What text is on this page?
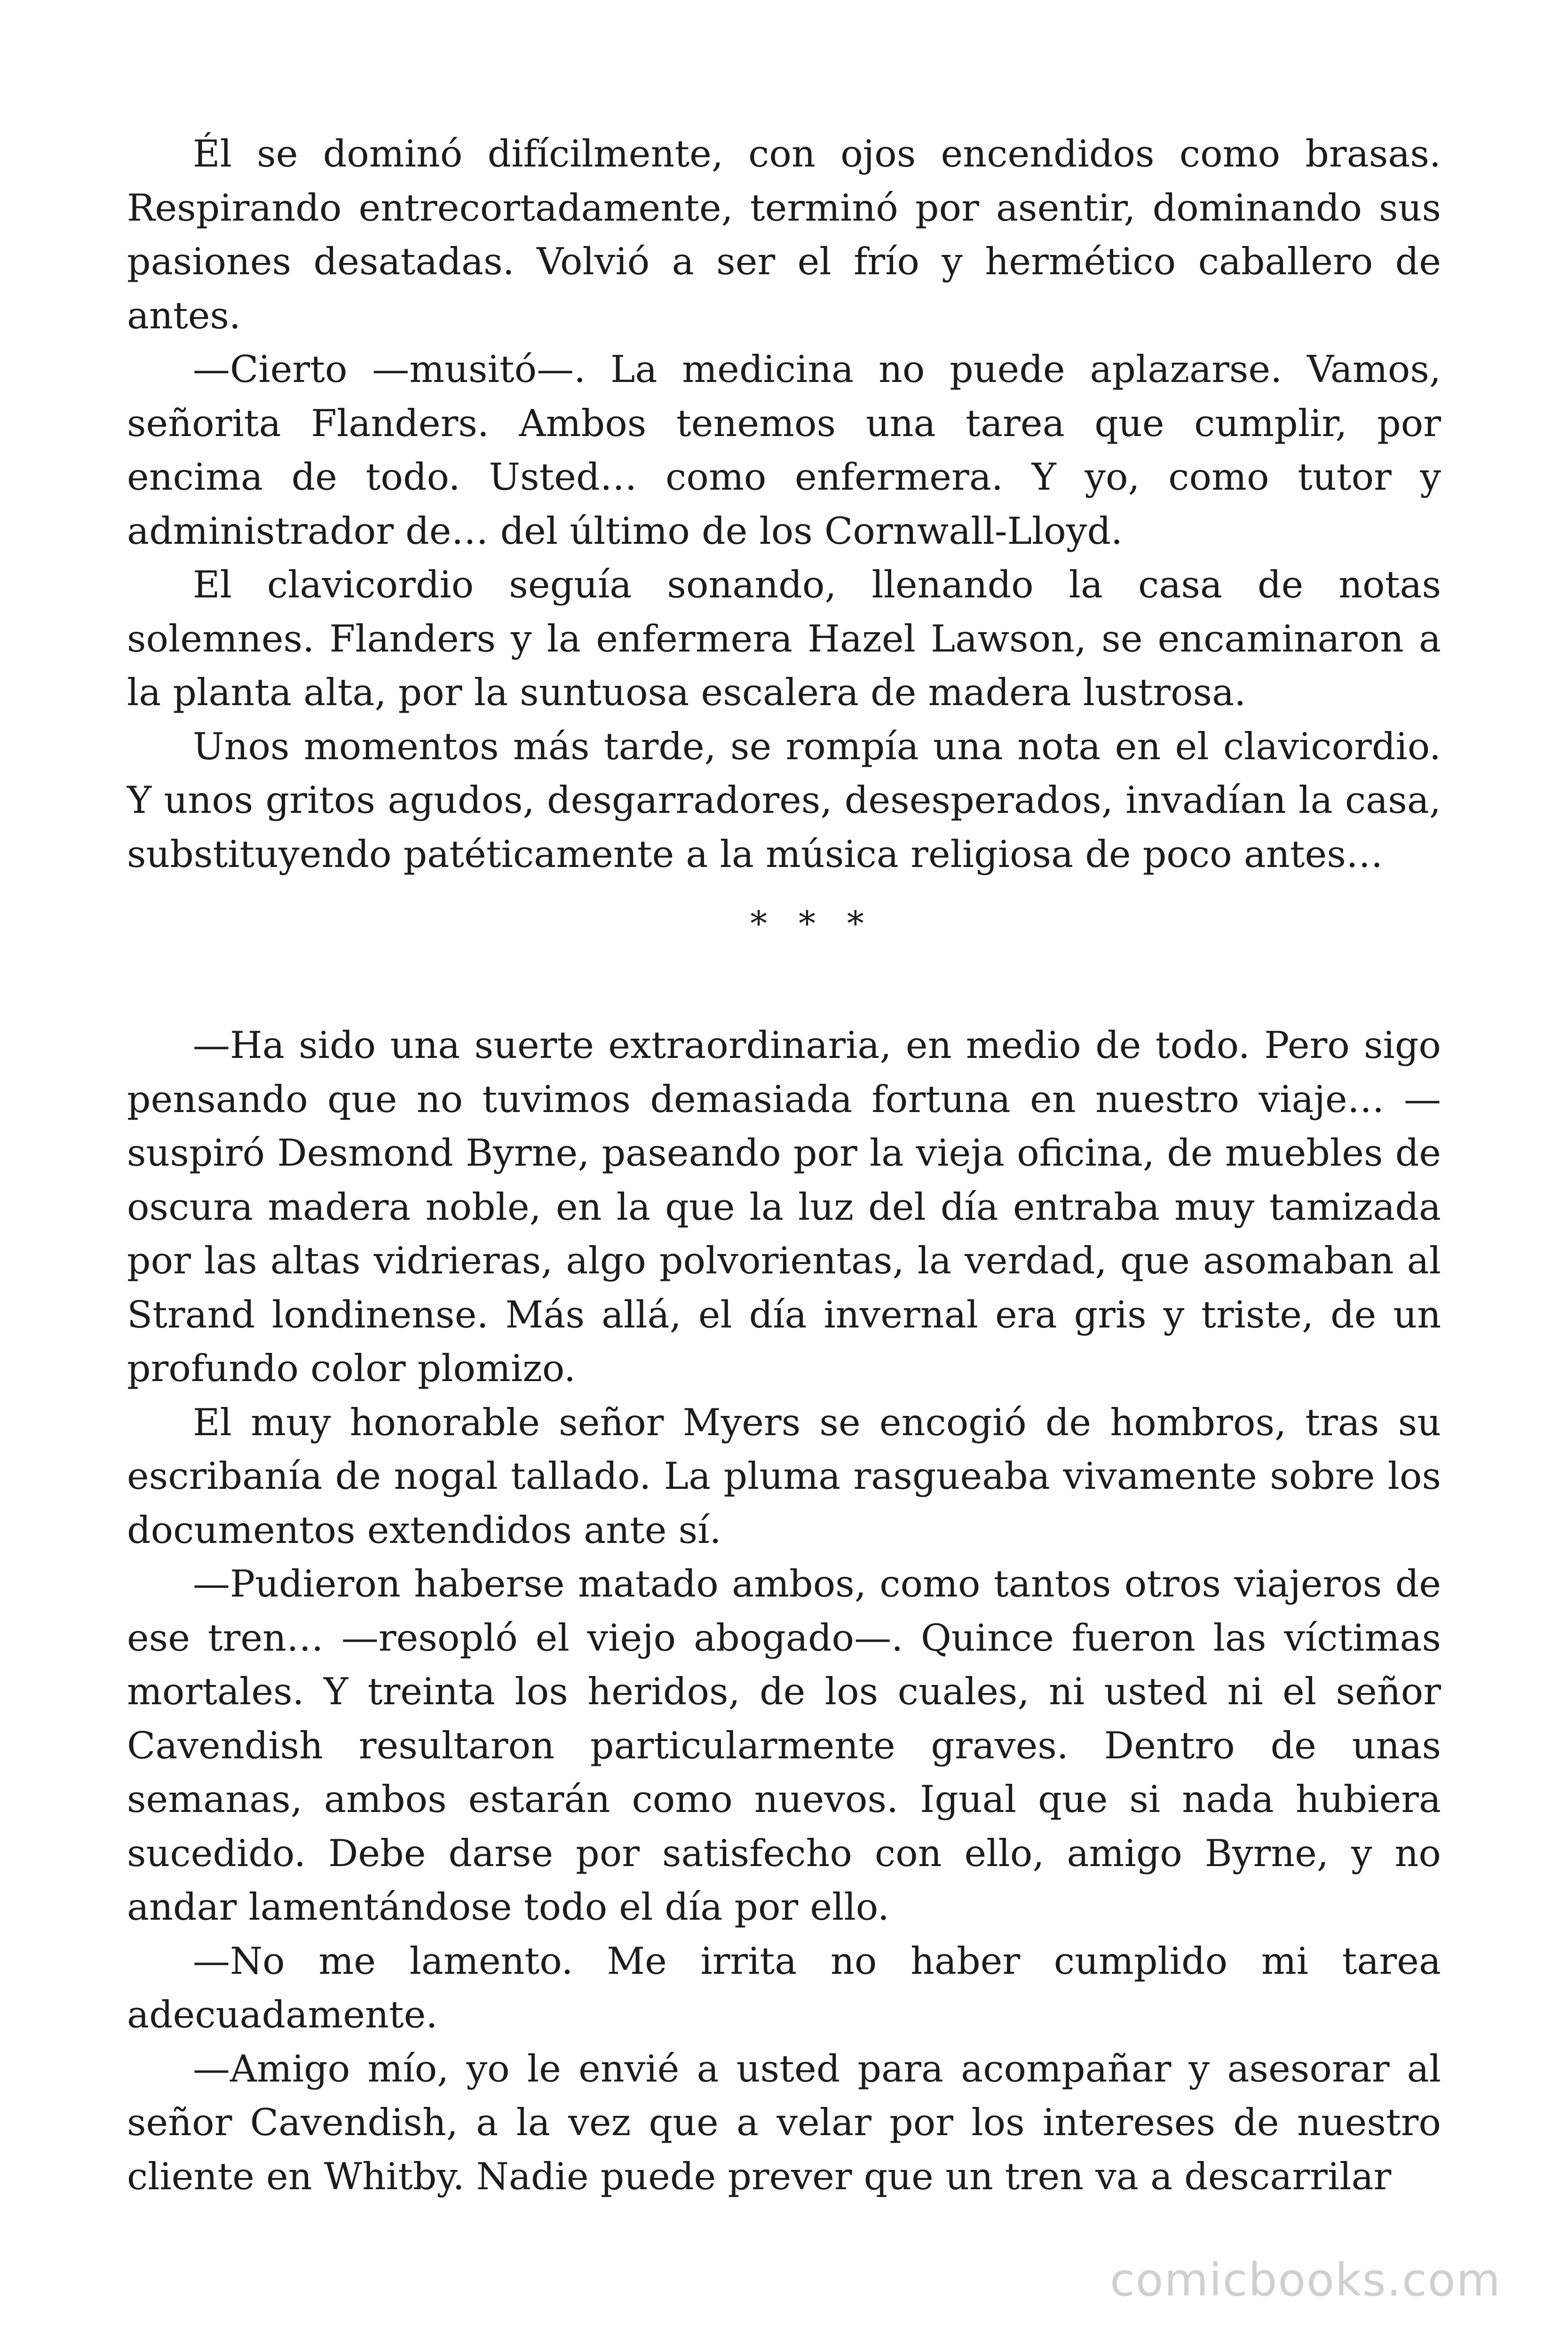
Él se dominó difícilmente, con ojos encendidos como brasas. Respirando entrecortadamente, terminó por asentir, dominando sus pasiones desatadas. Volvió a ser el frío y hermético caballero de antes.

—Cierto —musitó—. La medicina no puede aplazarse. Vamos, señorita Flanders. Ambos tenemos una tarea que cumplir, por encima de todo. Usted… como enfermera. Y yo, como tutor y administrador de… del último de los Cornwall-Lloyd.

El clavicordio seguía sonando, llenando la casa de notas solemnes. Flanders y la enfermera Hazel Lawson, se encaminaron a la planta alta, por la suntuosa escalera de madera lustrosa.

Unos momentos más tarde, se rompía una nota en el clavicordio. Y unos gritos agudos, desgarradores, desesperados, invadían la casa, substituyendo patéticamente a la música religiosa de poco antes…

* * *

—Ha sido una suerte extraordinaria, en medio de todo. Pero sigo pensando que no tuvimos demasiada fortuna en nuestro viaje… —suspiró Desmond Byrne, paseando por la vieja oficina, de muebles de oscura madera noble, en la que la luz del día entraba muy tamizada por las altas vidrieras, algo polvorientas, la verdad, que asomaban al Strand londinense. Más allá, el día invernal era gris y triste, de un profundo color plomizo.

El muy honorable señor Myers se encogió de hombros, tras su escribanía de nogal tallado. La pluma rasgueaba vivamente sobre los documentos extendidos ante sí.

—Pudieron haberse matado ambos, como tantos otros viajeros de ese tren… —resopló el viejo abogado—. Quince fueron las víctimas mortales. Y treinta los heridos, de los cuales, ni usted ni el señor Cavendish resultaron particularmente graves. Dentro de unas semanas, ambos estarán como nuevos. Igual que si nada hubiera sucedido. Debe darse por satisfecho con ello, amigo Byrne, y no andar lamentándose todo el día por ello.

—No me lamento. Me irrita no haber cumplido mi tarea adecuadamente.

—Amigo mío, yo le envié a usted para acompañar y asesorar al señor Cavendish, a la vez que a velar por los intereses de nuestro cliente en Whitby. Nadie puede prever que un tren va a descarrilar

comicbooks.com
